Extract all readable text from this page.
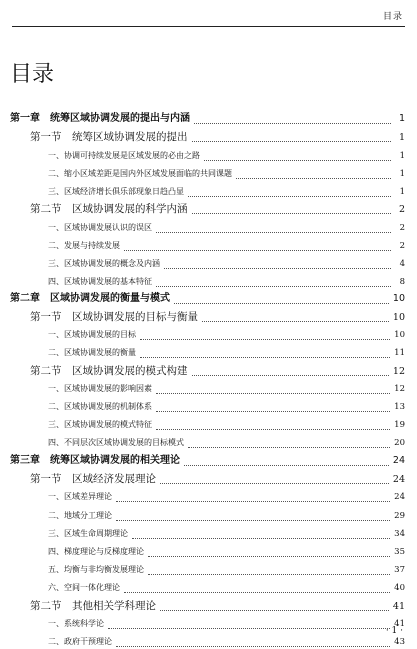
目录
目录
第一章　统筹区域协调发展的提出与内涵	1
第一节　统筹区域协调发展的提出	1
一、协调可持续发展是区域发展的必由之路	1
二、缩小区域差距是国内外区域发展面临的共同课题	1
三、区域经济增长俱乐部现象日趋凸显	1
第二节　区域协调发展的科学内涵	2
一、区域协调发展认识的误区	2
二、发展与持续发展	2
三、区域协调发展的概念及内涵	4
四、区域协调发展的基本特征	8
第二章　区域协调发展的衡量与模式	10
第一节　区域协调发展的目标与衡量	10
一、区域协调发展的目标	10
二、区域协调发展的衡量	11
第二节　区域协调发展的模式构建	12
一、区域协调发展的影响因素	12
二、区域协调发展的机制体系	13
三、区域协调发展的模式特征	19
四、不同层次区域协调发展的目标模式	20
第三章　统筹区域协调发展的相关理论	24
第一节　区域经济发展理论	24
一、区域差异理论	24
二、地域分工理论	29
三、区域生命周期理论	34
四、梯度理论与反梯度理论	35
五、均衡与非均衡发展理论	37
六、空间一体化理论	40
第二节　其他相关学科理论	41
一、系统科学论	41
二、政府干预理论	43
· 1 ·
